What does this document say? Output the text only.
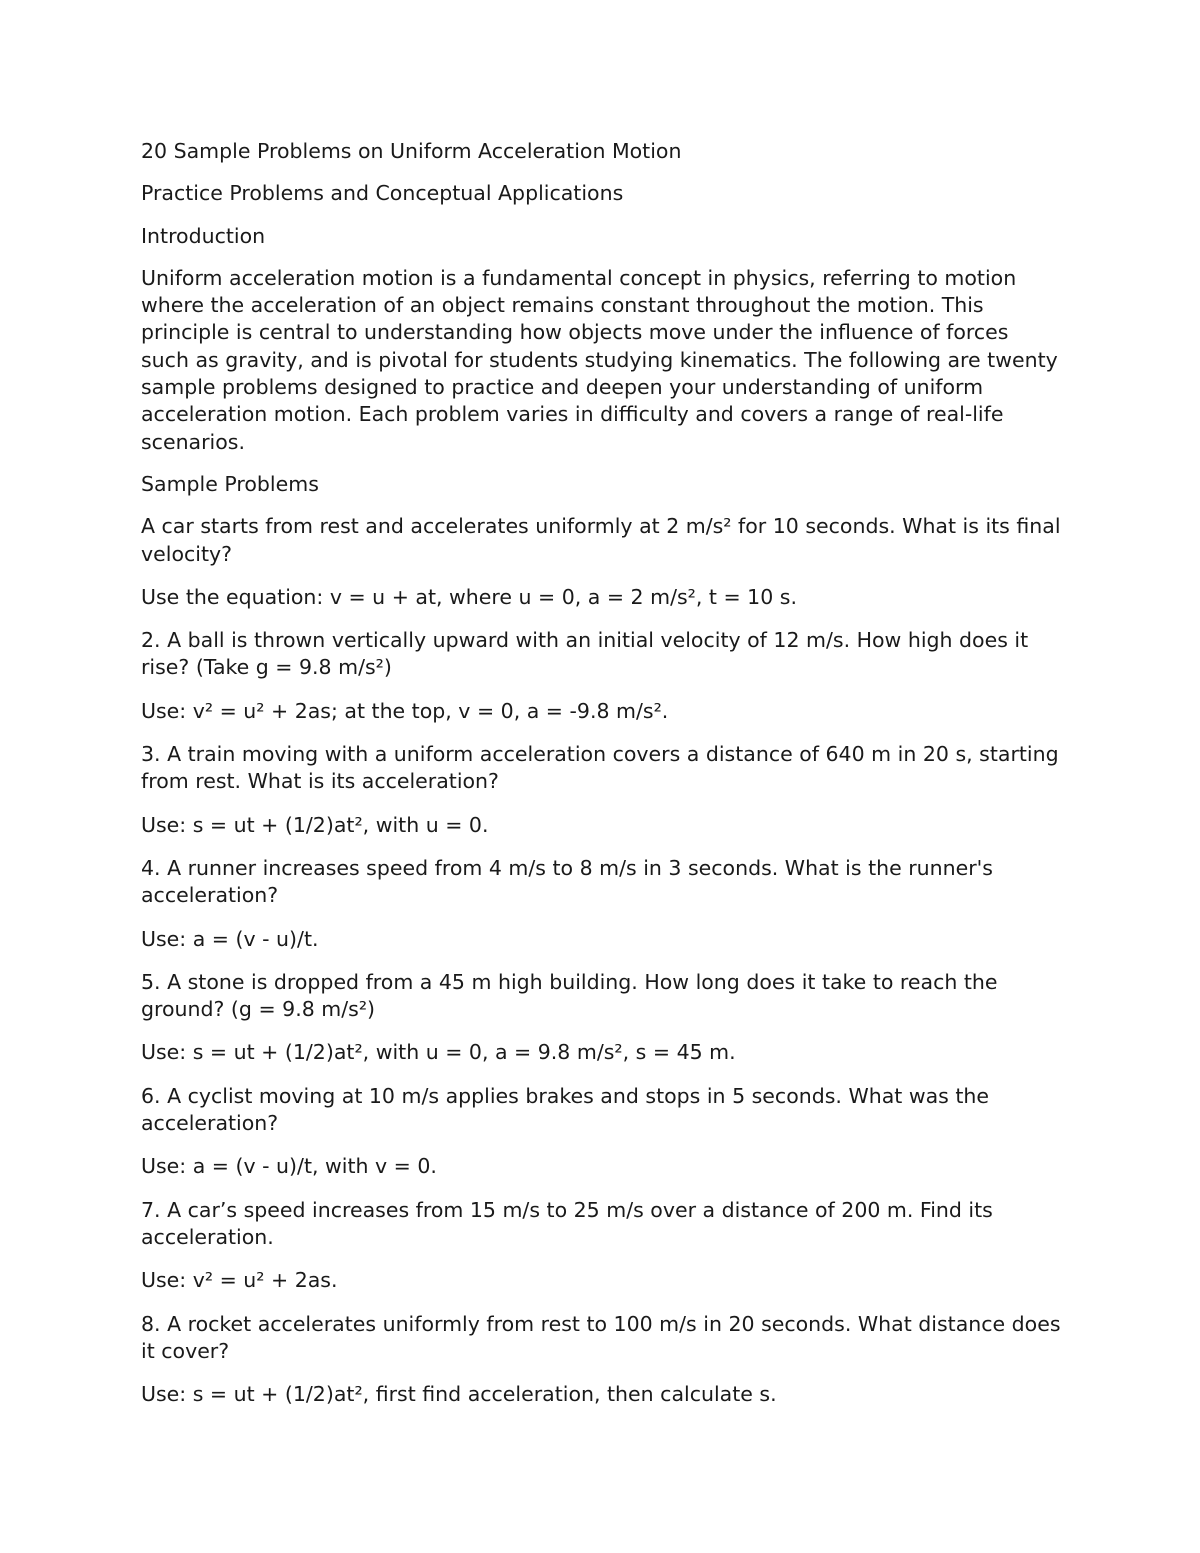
20 Sample Problems on Uniform Acceleration Motion

Practice Problems and Conceptual Applications

Introduction

Uniform acceleration motion is a fundamental concept in physics, referring to motion where the acceleration of an object remains constant throughout the motion. This principle is central to understanding how objects move under the influence of forces such as gravity, and is pivotal for students studying kinematics. The following are twenty sample problems designed to practice and deepen your understanding of uniform acceleration motion. Each problem varies in difficulty and covers a range of real-life scenarios.

Sample Problems

A car starts from rest and accelerates uniformly at 2 m/s² for 10 seconds. What is its final velocity?

Use the equation: v = u + at, where u = 0, a = 2 m/s², t = 10 s.

2. A ball is thrown vertically upward with an initial velocity of 12 m/s. How high does it rise? (Take g = 9.8 m/s²)

Use: v² = u² + 2as; at the top, v = 0, a = -9.8 m/s².

3. A train moving with a uniform acceleration covers a distance of 640 m in 20 s, starting from rest. What is its acceleration?

Use: s = ut + (1/2)at², with u = 0.

4. A runner increases speed from 4 m/s to 8 m/s in 3 seconds. What is the runner's acceleration?

Use: a = (v - u)/t.

5. A stone is dropped from a 45 m high building. How long does it take to reach the ground? (g = 9.8 m/s²)

Use: s = ut + (1/2)at², with u = 0, a = 9.8 m/s², s = 45 m.

6. A cyclist moving at 10 m/s applies brakes and stops in 5 seconds. What was the acceleration?

Use: a = (v - u)/t, with v = 0.

7. A car’s speed increases from 15 m/s to 25 m/s over a distance of 200 m. Find its acceleration.

Use: v² = u² + 2as.

8. A rocket accelerates uniformly from rest to 100 m/s in 20 seconds. What distance does it cover?

Use: s = ut + (1/2)at², first find acceleration, then calculate s.
